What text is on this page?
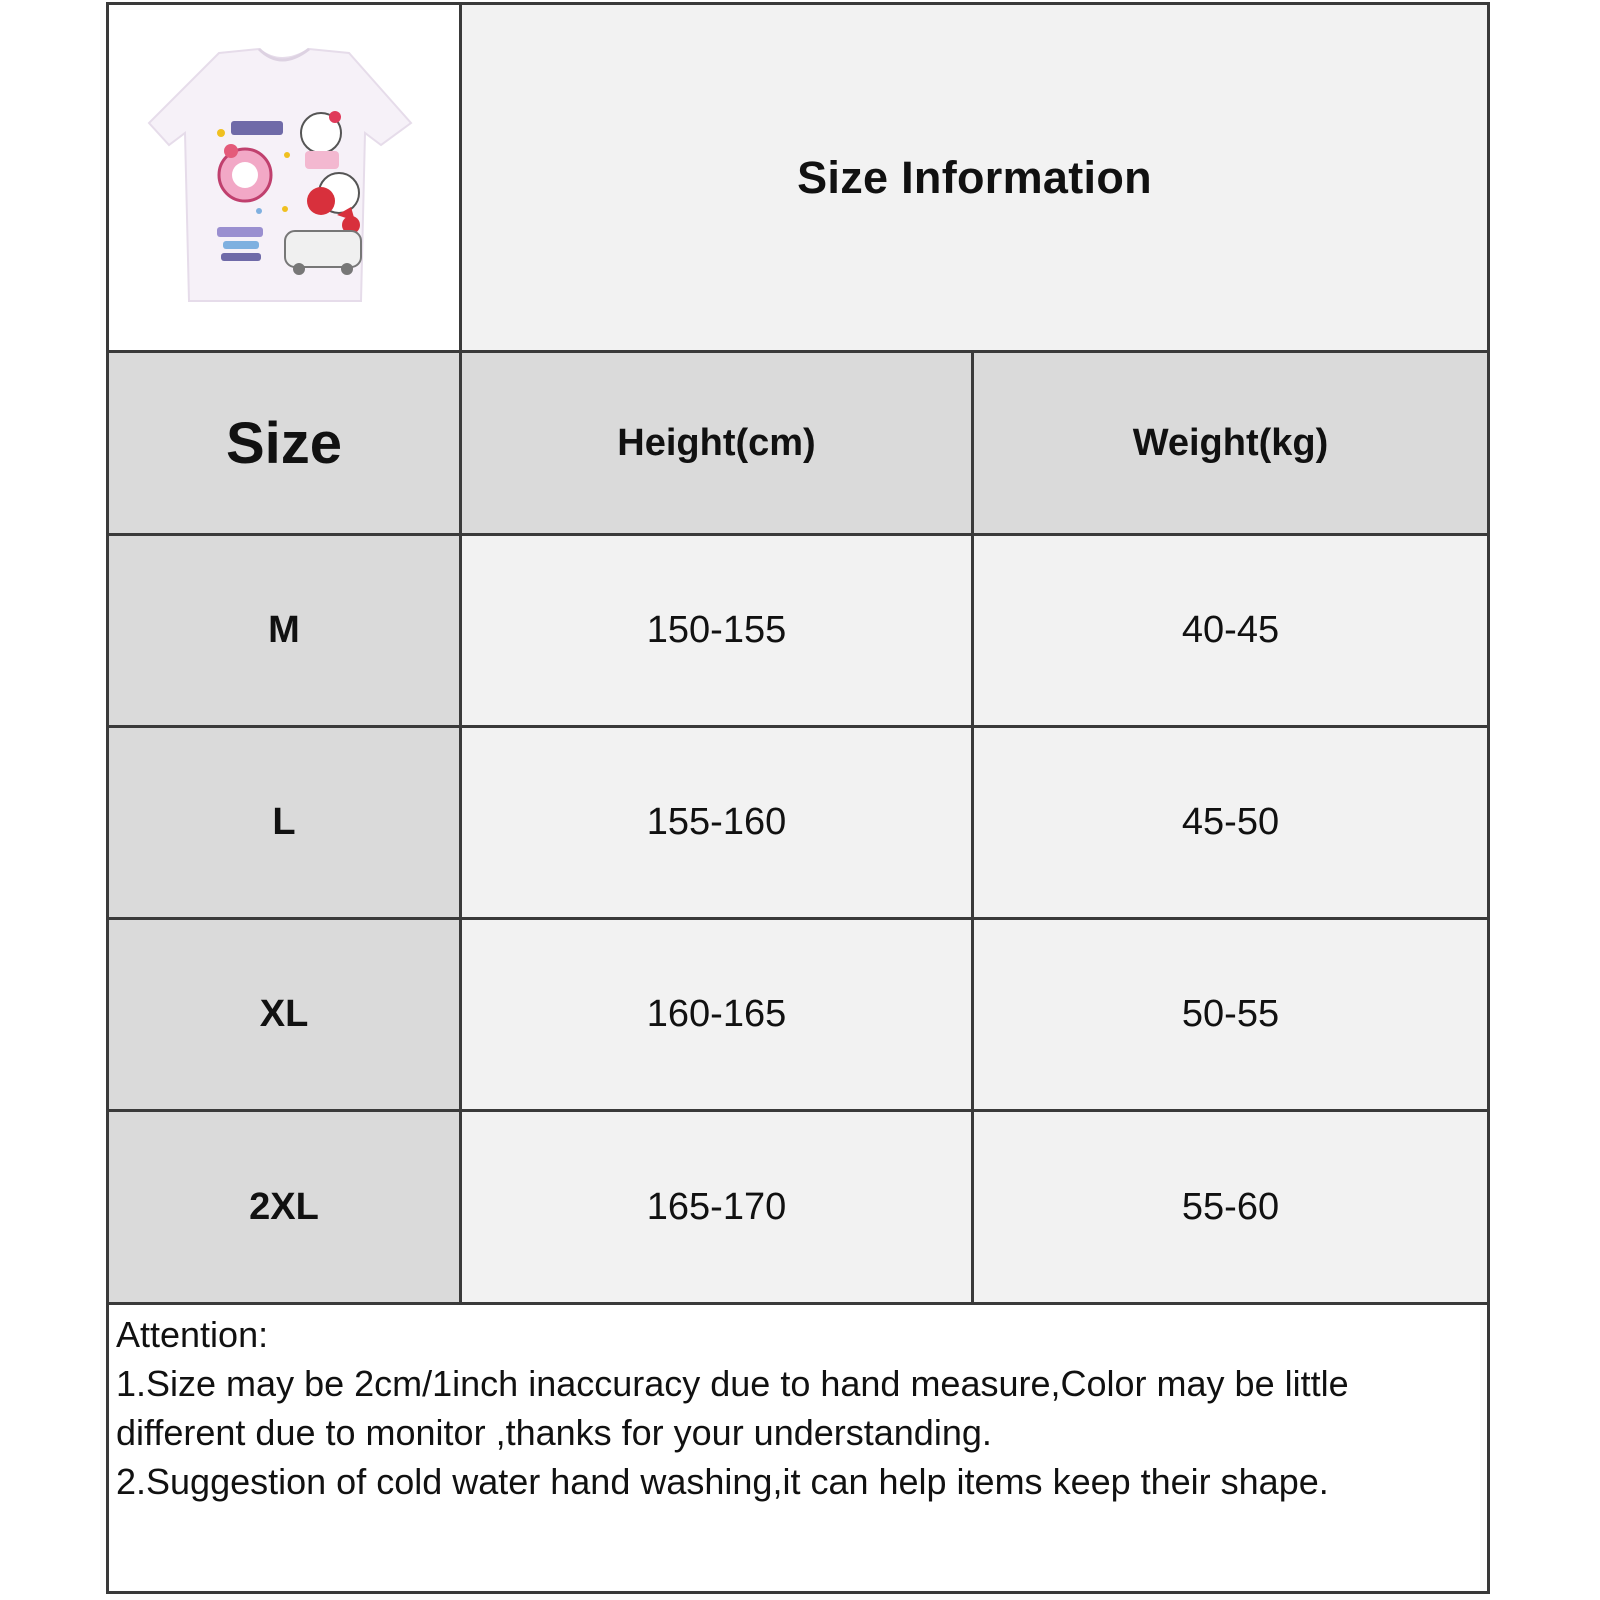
Size Information
Size	Height(cm)	Weight(kg)
M	150-155	40-45
L	155-160	45-50
XL	160-165	50-55
2XL	165-170	55-60
Attention:
1.Size may be 2cm/1inch inaccuracy due to hand measure,Color may be little
different due to monitor ,thanks for your understanding.
2.Suggestion of cold water hand washing,it can help items keep their shape.
